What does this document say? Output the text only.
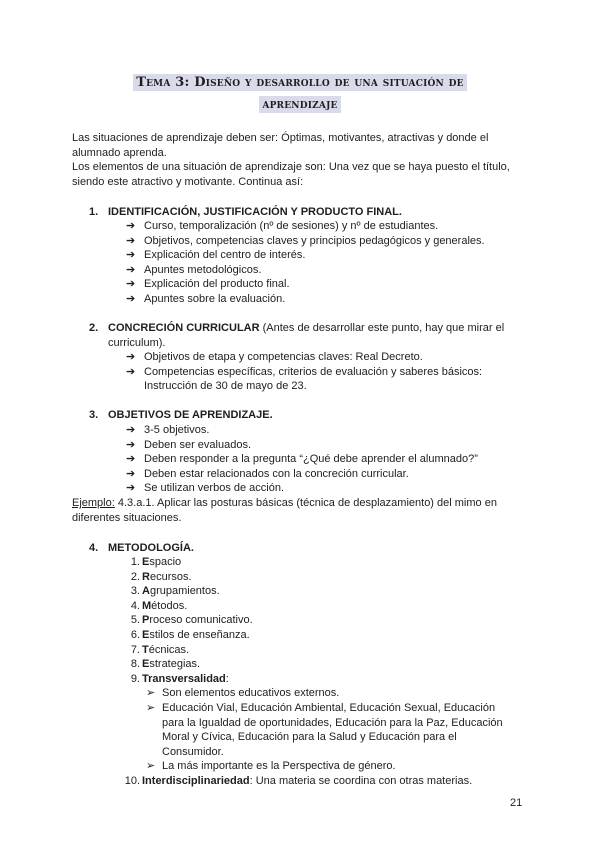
Tema 3: Diseño y desarrollo de una situación de
aprendizaje
Las situaciones de aprendizaje deben ser: Óptimas, motivantes, atractivas y donde el alumnado aprenda.
Los elementos de una situación de aprendizaje son: Una vez que se haya puesto el título, siendo este atractivo y motivante. Continua así:
1. IDENTIFICACIÓN, JUSTIFICACIÓN Y PRODUCTO FINAL.
➔ Curso, temporalización (nº de sesiones) y nº de estudiantes.
➔ Objetivos, competencias claves y principios pedagógicos y generales.
➔ Explicación del centro de interés.
➔ Apuntes metodológicos.
➔ Explicación del producto final.
➔ Apuntes sobre la evaluación.
2. CONCRECIÓN CURRICULAR (Antes de desarrollar este punto, hay que mirar el
curriculum).
➔ Objetivos de etapa y competencias claves: Real Decreto.
➔ Competencias específicas, criterios de evaluación y saberes básicos: Instrucción de 30 de mayo de 23.
3. OBJETIVOS DE APRENDIZAJE.
➔ 3-5 objetivos.
➔ Deben ser evaluados.
➔ Deben responder a la pregunta “¿Qué debe aprender el alumnado?”
➔ Deben estar relacionados con la concreción curricular.
➔ Se utilizan verbos de acción.
Ejemplo: 4.3.a.1. Aplicar las posturas básicas (técnica de desplazamiento) del mimo en diferentes situaciones.
4. METODOLOGÍA.
1. Espacio
2. Recursos.
3. Agrupamientos.
4. Métodos.
5. Proceso comunicativo.
6. Estilos de enseñanza.
7. Técnicas.
8. Estrategias.
9. Transversalidad:
➢ Son elementos educativos externos.
➢ Educación Vial, Educación Ambiental, Educación Sexual, Educación para la Igualdad de oportunidades, Educación para la Paz, Educación Moral y Cívica, Educación para la Salud y Educación para el Consumidor.
➢ La más importante es la Perspectiva de género.
10. Interdisciplinariedad: Una materia se coordina con otras materias.
21
